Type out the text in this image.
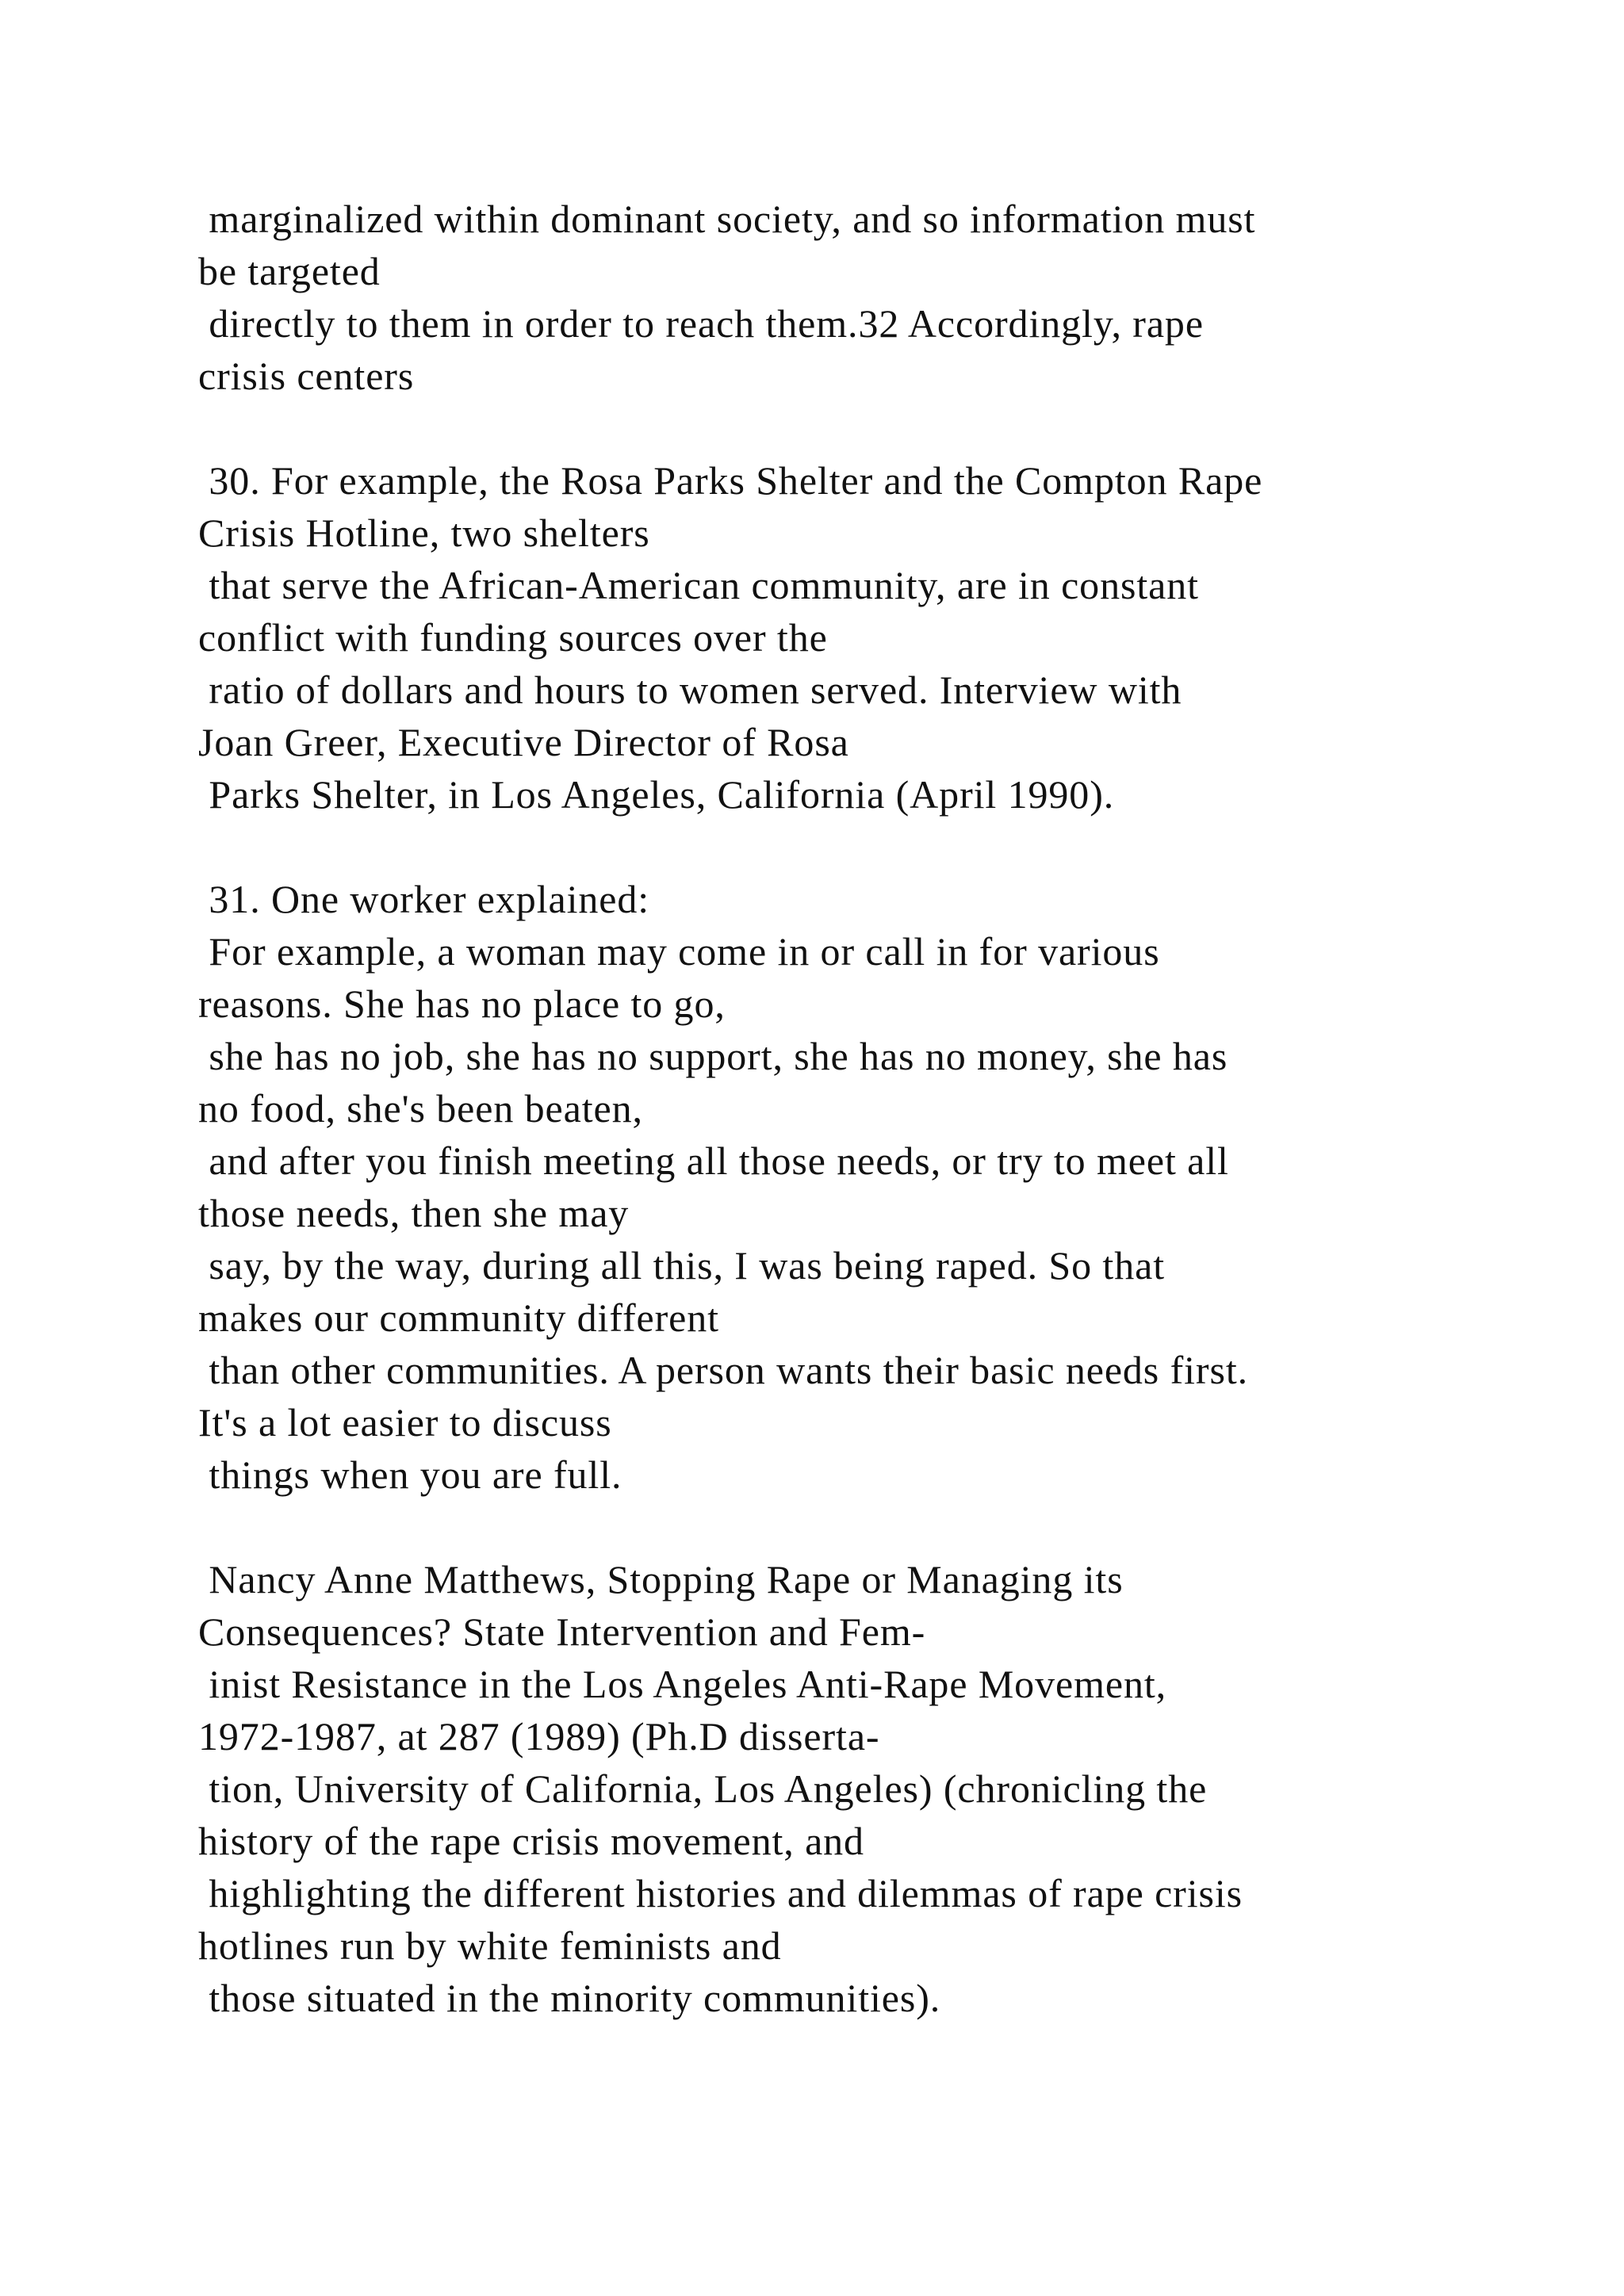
marginalized within dominant society, and so information must
be targeted
directly to them in order to reach them.32 Accordingly, rape
crisis centers
30. For example, the Rosa Parks Shelter and the Compton Rape
Crisis Hotline, two shelters
that serve the African-American community, are in constant
conflict with funding sources over the
ratio of dollars and hours to women served. Interview with
Joan Greer, Executive Director of Rosa
Parks Shelter, in Los Angeles, California (April 1990).
31. One worker explained:
For example, a woman may come in or call in for various
reasons. She has no place to go,
she has no job, she has no support, she has no money, she has
no food, she's been beaten,
and after you finish meeting all those needs, or try to meet all
those needs, then she may
say, by the way, during all this, I was being raped. So that
makes our community different
than other communities. A person wants their basic needs first.
It's a lot easier to discuss
things when you are full.
Nancy Anne Matthews, Stopping Rape or Managing its
Consequences? State Intervention and Fem-
inist Resistance in the Los Angeles Anti-Rape Movement,
1972-1987, at 287 (1989) (Ph.D disserta-
tion, University of California, Los Angeles) (chronicling the
history of the rape crisis movement, and
highlighting the different histories and dilemmas of rape crisis
hotlines run by white feminists and
those situated in the minority communities).
